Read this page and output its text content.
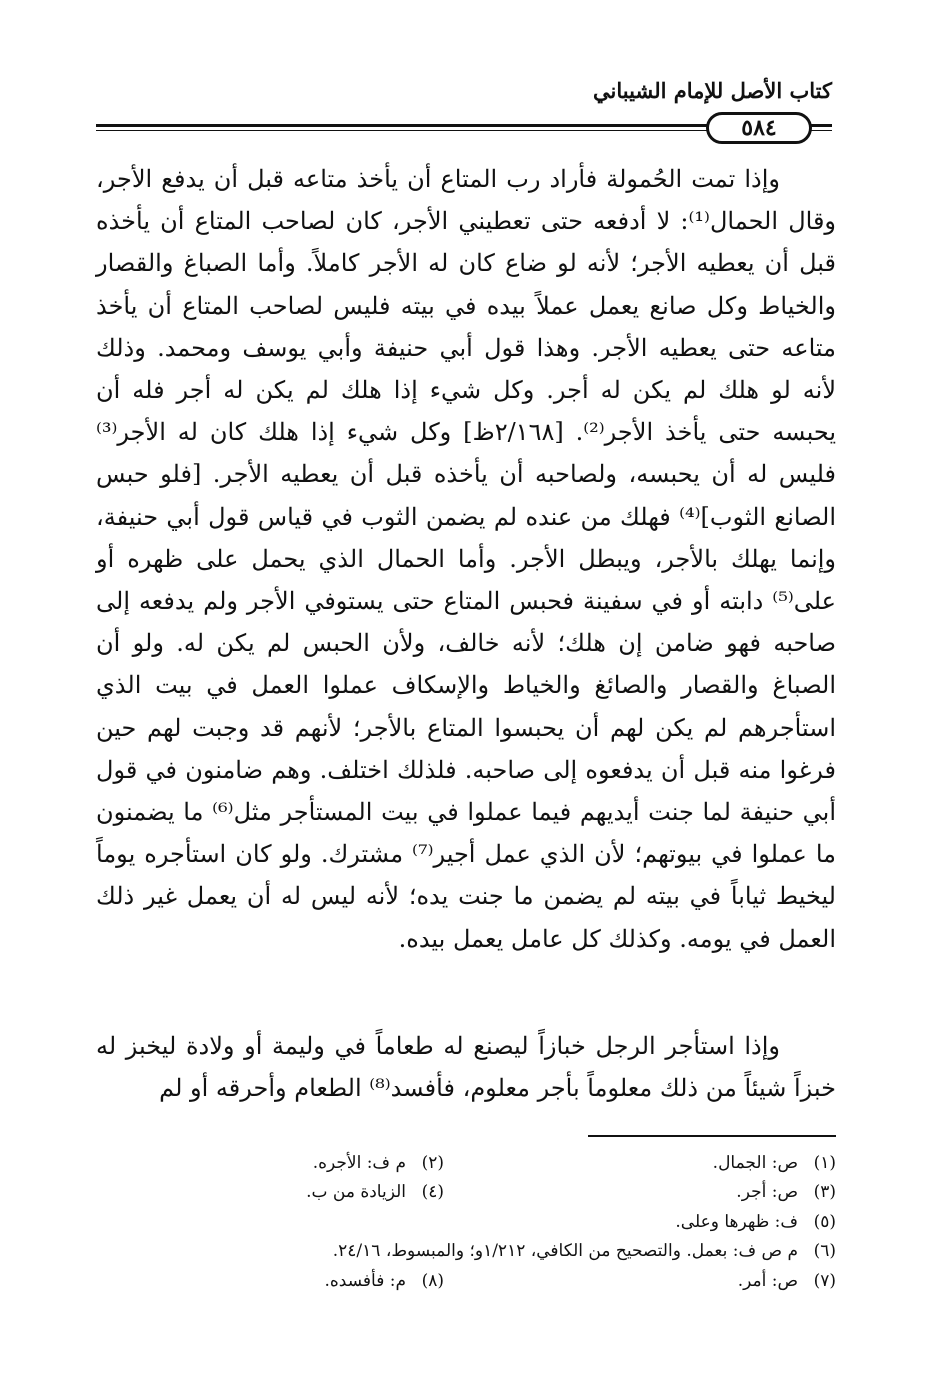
كتاب الأصل للإمام الشيباني
٥٨٤

وإذا تمت الحُمولة فأراد رب المتاع أن يأخذ متاعه قبل أن يدفع الأجر، وقال الحمال⁽¹⁾: لا أدفعه حتى تعطيني الأجر، كان لصاحب المتاع أن يأخذه قبل أن يعطيه الأجر؛ لأنه لو ضاع كان له الأجر كاملاً. وأما الصباغ والقصار والخياط وكل صانع يعمل عملاً بيده في بيته فليس لصاحب المتاع أن يأخذ متاعه حتى يعطيه الأجر. وهذا قول أبي حنيفة وأبي يوسف ومحمد. وذلك لأنه لو هلك لم يكن له أجر. وكل شيء إذا هلك لم يكن له أجر فله أن يحبسه حتى يأخذ الأجر⁽²⁾. [٢/١٦٨ظ] وكل شيء إذا هلك كان له الأجر⁽³⁾ فليس له أن يحبسه، ولصاحبه أن يأخذه قبل أن يعطيه الأجر. [فلو حبس الصانع الثوب]⁽⁴⁾ فهلك من عنده لم يضمن الثوب في قياس قول أبي حنيفة، وإنما يهلك بالأجر، ويبطل الأجر. وأما الحمال الذي يحمل على ظهره أو على⁽⁵⁾ دابته أو في سفينة فحبس المتاع حتى يستوفي الأجر ولم يدفعه إلى صاحبه فهو ضامن إن هلك؛ لأنه خالف، ولأن الحبس لم يكن له. ولو أن الصباغ والقصار والصائغ والخياط والإسكاف عملوا العمل في بيت الذي استأجرهم لم يكن لهم أن يحبسوا المتاع بالأجر؛ لأنهم قد وجبت لهم حين فرغوا منه قبل أن يدفعوه إلى صاحبه. فلذلك اختلف. وهم ضامنون في قول أبي حنيفة لما جنت أيديهم فيما عملوا في بيت المستأجر مثل⁽⁶⁾ ما يضمنون ما عملوا في بيوتهم؛ لأن الذي عمل أجير⁽⁷⁾ مشترك. ولو كان استأجره يوماً ليخيط ثياباً في بيته لم يضمن ما جنت يده؛ لأنه ليس له أن يعمل غير ذلك العمل في يومه. وكذلك كل عامل يعمل بيده.

وإذا استأجر الرجل خبازاً ليصنع له طعاماً في وليمة أو ولادة ليخبز له خبزاً شيئاً من ذلك معلوماً بأجر معلوم، فأفسد⁽⁸⁾ الطعام وأحرقه أو لم

(١)
ص: الجمال.
(٢)
م ف: الأجره.
(٣)
ص: أجر.
(٤)
الزيادة من ب.
(٥)
ف: ظهرها وعلى.
(٦)
م ص ف: بعمل. والتصحيح من الكافي، ١/٢١٢و؛ والمبسوط، ٢٤/١٦.
(٧)
ص: أمر.
(٨)
م: فأفسده.
